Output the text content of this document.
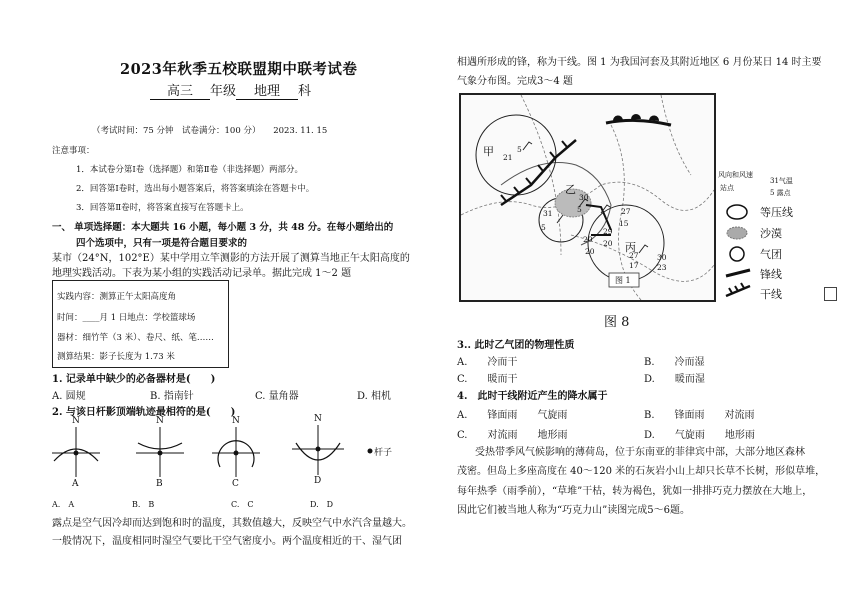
2023年秋季五校联盟期中联考试卷
高三 年级 地理 科
（考试时间：75 分钟　试卷满分：100 分）　　2023. 11. 15
注意事项：
1．本试卷分第Ⅰ卷（选择题）和第Ⅱ卷（非选择题）两部分。
2．回答第Ⅰ卷时，选出每小题答案后，将答案填涂在答题卡中。
3．回答第Ⅱ卷时，将答案直接写在答题卡上。
一、 单项选择题：本大题共 16 小题，每小题 3 分，共 48 分。在每小题给出的
四个选项中，只有一项是符合题目要求的
某市（24°N，102°E）某中学用立竿测影的方法开展了测算当地正午太阳高度的
地理实践活动。下表为某小组的实践活动记录单。据此完成 1～2 题
实践内容：测算正午太阳高度角
时间：____月 1 日地点：学校篮球场
器材：细竹竿（3 米）、卷尺、纸、笔……
测算结果：影子长度为 1.73 米
1. 记录单中缺少的必备器材是(　　)
A. 圆规	B. 指南针	C. 量角器	D. 相机
2. 与该日杆影顶端轨迹最相符的是(　　)
N	N	N	N
A	B	C	D
杆子
A.　A	B.　B	C.　C	D.　D
露点是空气因冷却而达到饱和时的温度，其数值越大，反映空气中水汽含量越大。
一般情况下，温度相同时湿空气要比干空气密度小。两个温度相近的干、湿气团
相遇所形成的锋，称为干线。图 1 为我国河套及其附近地区 6 月份某日 14 时主要
气象分布图。完成3～4 题
甲
乙
丙
图 1
21
5
31
5
30
5	27
15
29
20
27
17
30
23
20
20
风向和风速
站点
31气温
5 露点
等压线
沙漠
气团
锋线
干线
图 8
3.. 此时乙气团的物理性质
A.　　冷而干	B.　　冷而湿
C.　　暖而干	D.　　暖而湿
4.　此时干线附近产生的降水属于
A.　　锋面雨　　气旋雨	B.　　锋面雨　　对流雨
C.　　对流雨　　地形雨	D.　　气旋雨　　地形雨
受热带季风气候影响的薄荷岛，位于东南亚的菲律宾中部，大部分地区森林
茂密。但岛上多座高度在 40～120 米的石灰岩小山上却只长草不长树，形似草堆，
每年热季（雨季前），“草堆”干枯，转为褐色，犹如一排排巧克力摆放在大地上，
因此它们被当地人称为“巧克力山”读图完成5～6题。
